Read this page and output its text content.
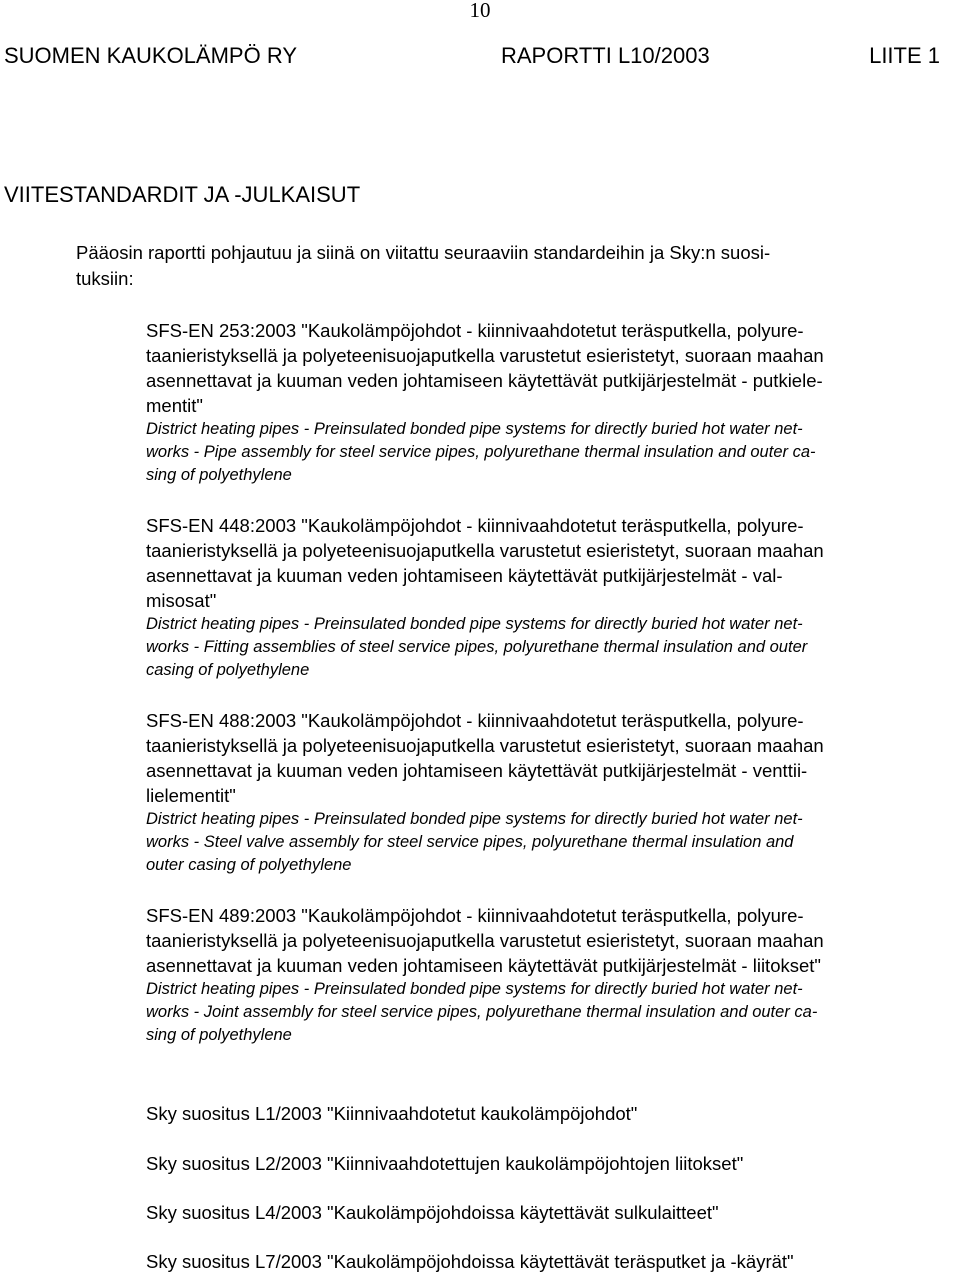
10
SUOMEN KAUKOLÄMPÖ RY	RAPORTTI L10/2003	LIITE 1
VIITESTANDARDIT JA -JULKAISUT
Pääosin raportti pohjautuu ja siinä on viitattu seuraaviin standardeihin ja Sky:n suosi-
tuksiin:
SFS-EN 253:2003 "Kaukolämpöjohdot - kiinnivaahdotetut teräsputkella, polyure-
taanieristyksellä ja polyeteenisuojaputkella varustetut esieristetyt, suoraan maahan
asennettavat ja kuuman veden johtamiseen käytettävät putkijärjestelmät - putkiele-
mentit"
District heating pipes - Preinsulated bonded pipe systems for directly buried hot water net-
works - Pipe assembly for steel service pipes, polyurethane thermal insulation and outer ca-
sing of polyethylene
SFS-EN 448:2003 "Kaukolämpöjohdot - kiinnivaahdotetut teräsputkella, polyure-
taanieristyksellä ja polyeteenisuojaputkella varustetut esieristetyt, suoraan maahan
asennettavat ja kuuman veden johtamiseen käytettävät putkijärjestelmät - val-
misosat"
District heating pipes - Preinsulated bonded pipe systems for directly buried hot water net-
works - Fitting assemblies of steel service pipes, polyurethane thermal insulation and outer
casing of polyethylene
SFS-EN 488:2003 "Kaukolämpöjohdot - kiinnivaahdotetut teräsputkella, polyure-
taanieristyksellä ja polyeteenisuojaputkella varustetut esieristetyt, suoraan maahan
asennettavat ja kuuman veden johtamiseen käytettävät putkijärjestelmät - venttii-
lielementit"
District heating pipes - Preinsulated bonded pipe systems for directly buried hot water net-
works - Steel valve assembly for steel service pipes, polyurethane thermal insulation and
outer casing of polyethylene
SFS-EN 489:2003 "Kaukolämpöjohdot - kiinnivaahdotetut teräsputkella, polyure-
taanieristyksellä ja polyeteenisuojaputkella varustetut esieristetyt, suoraan maahan
asennettavat ja kuuman veden johtamiseen käytettävät putkijärjestelmät - liitokset"
District heating pipes - Preinsulated bonded pipe systems for directly buried hot water net-
works - Joint assembly for steel service pipes, polyurethane thermal insulation and outer ca-
sing of polyethylene
Sky suositus L1/2003 "Kiinnivaahdotetut kaukolämpöjohdot"
Sky suositus L2/2003 "Kiinnivaahdotettujen kaukolämpöjohtojen liitokset"
Sky suositus L4/2003 "Kaukolämpöjohdoissa käytettävät sulkulaitteet"
Sky suositus L7/2003 "Kaukolämpöjohdoissa käytettävät teräsputket ja -käyrät"
